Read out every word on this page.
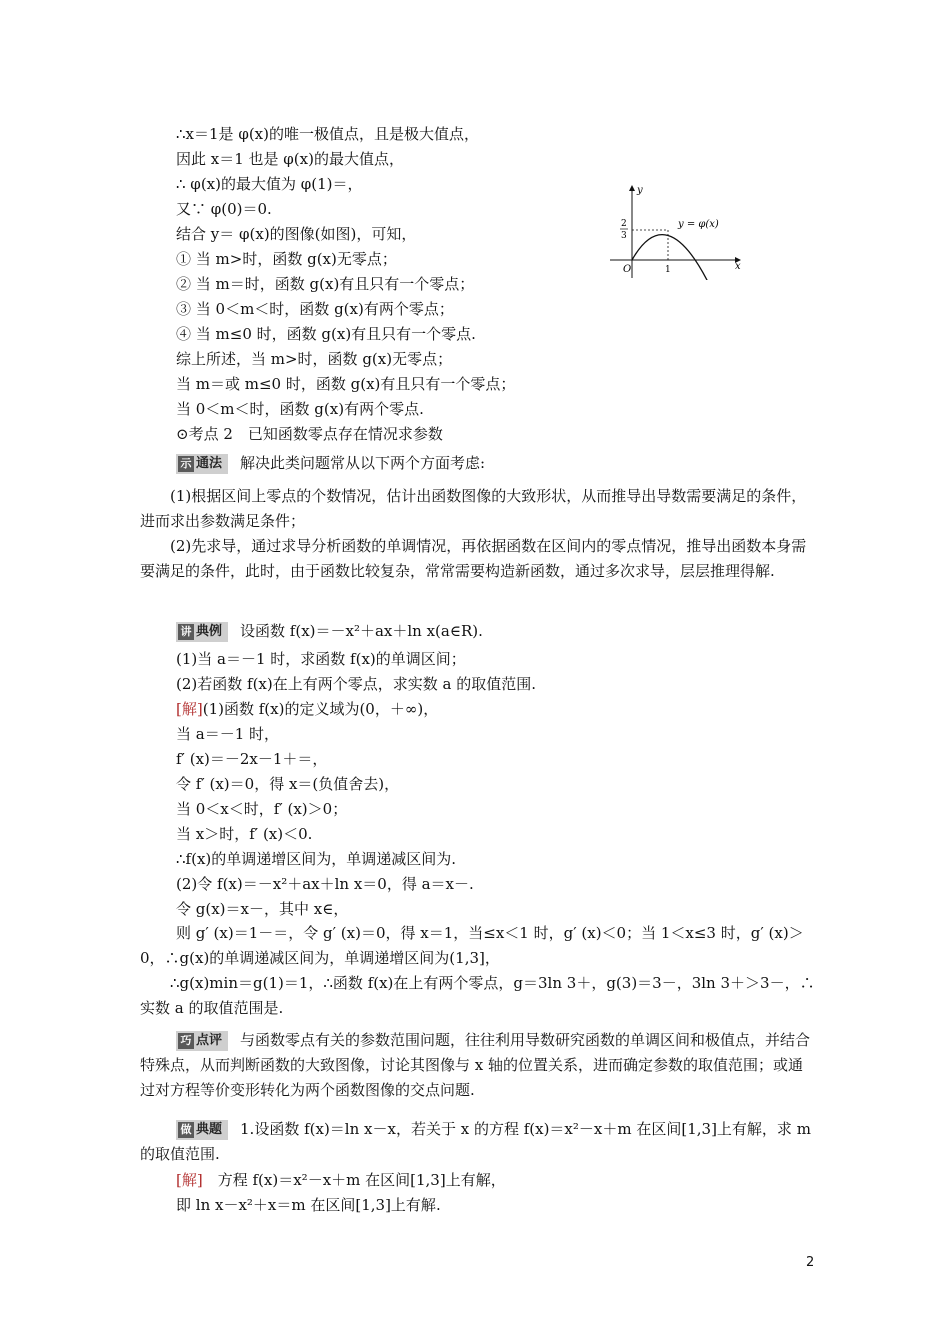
∴x＝1是 φ(x)的唯一极值点，且是极大值点，
因此 x＝1 也是 φ(x)的最大值点，
∴ φ(x)的最大值为 φ(1)＝，
又∵ φ(0)＝0.
结合 y＝ φ(x)的图像(如图)，可知，
① 当 m>时，函数 g(x)无零点；
② 当 m＝时，函数 g(x)有且只有一个零点；
③ 当 0＜m＜时，函数 g(x)有两个零点；
④ 当 m≤0 时，函数 g(x)有且只有一个零点.
综上所述，当 m>时，函数 g(x)无零点；
当 m＝或 m≤0 时，函数 g(x)有且只有一个零点；
当 0＜m＜时，函数 g(x)有两个零点.
⊙考点 2　已知函数零点存在情况求参数
y
x
y = φ(x)
2
3
1
O
示 通法 解决此类问题常从以下两个方面考虑:
(1)根据区间上零点的个数情况，估计出函数图像的大致形状，从而推导出导数需要满足的条件，进而求出参数满足条件；
(2)先求导，通过求导分析函数的单调情况，再依据函数在区间内的零点情况，推导出函数本身需要满足的条件，此时，由于函数比较复杂，常常需要构造新函数，通过多次求导，层层推理得解.
讲 典例 设函数 f(x)＝－x²＋ax＋ln x(a∈R).
(1)当 a＝－1 时，求函数 f(x)的单调区间；
(2)若函数 f(x)在上有两个零点，求实数 a 的取值范围.
[解](1)函数 f(x)的定义域为(0，＋∞)，
当 a＝－1 时，
f′ (x)＝－2x－1＋＝，
令 f′ (x)＝0，得 x＝(负值舍去)，
当 0＜x＜时，f′ (x)＞0；
当 x＞时，f′ (x)＜0.
∴f(x)的单调递增区间为，单调递减区间为.
(2)令 f(x)＝－x²＋ax＋ln x＝0，得 a＝x－.
令 g(x)＝x－，其中 x∈，
则 g′ (x)＝1－＝，令 g′ (x)＝0，得 x＝1，当≤x＜1 时，g′ (x)＜0；当 1＜x≤3 时，g′ (x)＞0，∴g(x)的单调递减区间为，单调递增区间为(1,3]，
∴g(x)min＝g(1)＝1，∴函数 f(x)在上有两个零点，g＝3ln 3＋，g(3)＝3－，3ln 3＋＞3－，∴实数 a 的取值范围是.
巧 点评 与函数零点有关的参数范围问题，往往利用导数研究函数的单调区间和极值点，并结合特殊点，从而判断函数的大致图像，讨论其图像与 x 轴的位置关系，进而确定参数的取值范围；或通过对方程等价变形转化为两个函数图像的交点问题.
做 典题 1.设函数 f(x)＝ln x－x，若关于 x 的方程 f(x)＝x²－x＋m 在区间[1,3]上有解，求 m 的取值范围.
[解]　 方程 f(x)＝x²－x＋m 在区间[1,3]上有解，
即 ln x－x²＋x＝m 在区间[1,3]上有解.
2
